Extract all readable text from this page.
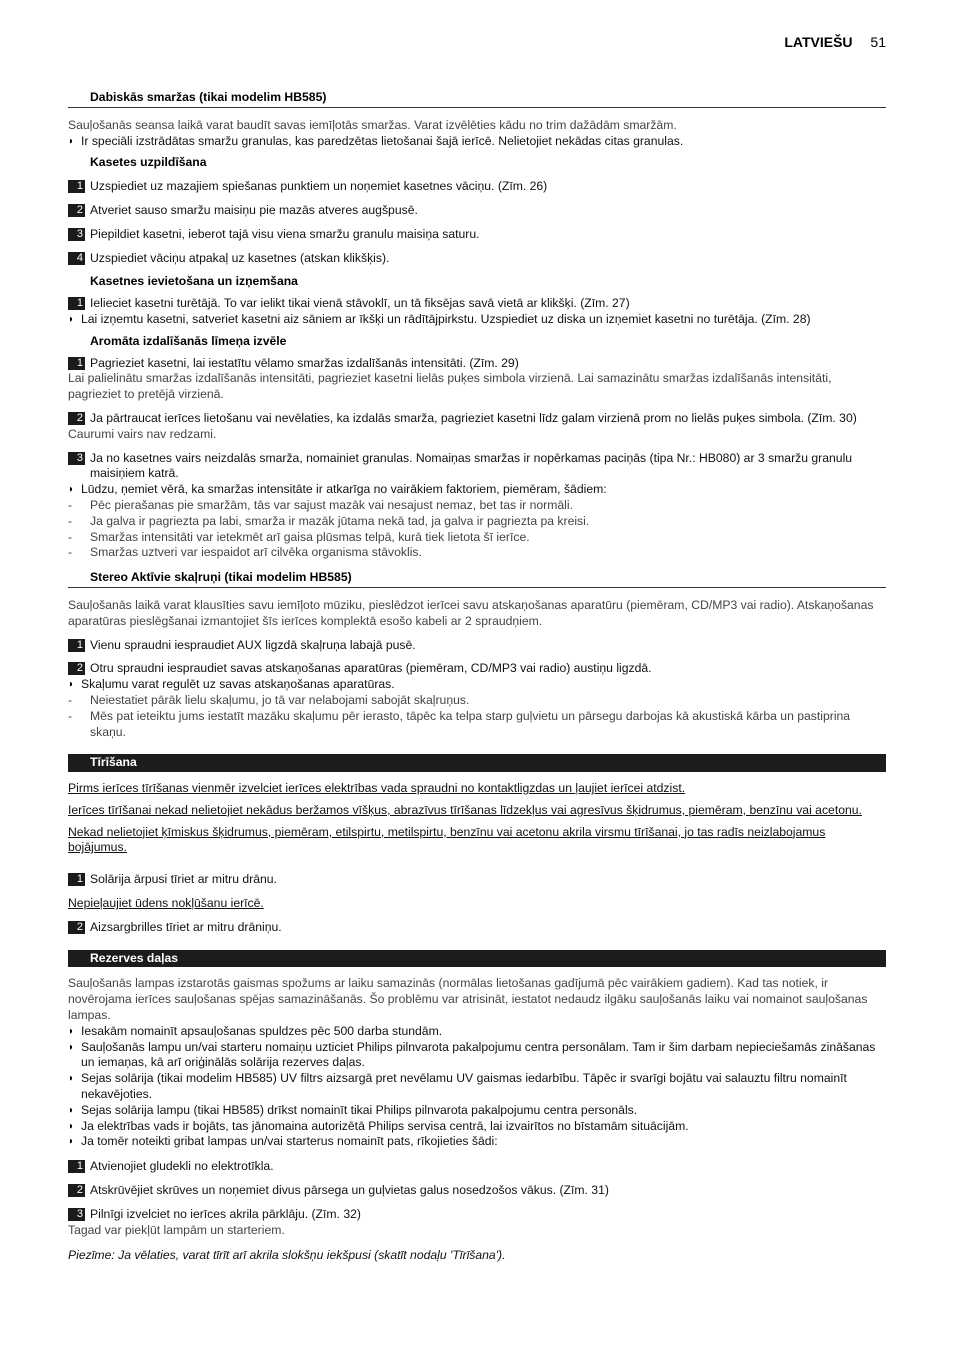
LATVIEŠU 51
Dabiskās smaržas (tikai modelim HB585)

Sauļošanās seansa laikā varat baudīt savas iemīļotās smaržas. Varat izvēlēties kādu no trim dažādām smaržām.

◗ Ir speciāli izstrādātas smaržu granulas, kas paredzētas lietošanai šajā ierīcē. Nelietojiet nekādas citas granulas.
Kasetes uzpildīšana
1 Uzspiediet uz mazajiem spiešanas punktiem un noņemiet kasetnes vāciņu. (Zīm. 26)
2 Atveriet sauso smaržu maisiņu pie mazās atveres augšpusē.
3 Piepildiet kasetni, ieberot tajā visu viena smaržu granulu maisiņa saturu.
4 Uzspiediet vāciņu atpakaļ uz kasetnes (atskan klikšķis).
Kasetnes ievietošana un izņemšana
1 Ielieciet kasetni turētājā. To var ielikt tikai vienā stāvoklī, un tā fiksējas savā vietā ar klikšķi. (Zīm. 27)
◗ Lai izņemtu kasetni, satveriet kasetni aiz sāniem ar īkšķi un rādītājpirkstu. Uzspiediet uz diska un izņemiet kasetni no turētāja. (Zīm. 28)
Aromāta izdalīšanās līmeņa izvēle
1 Pagrieziet kasetni, lai iestatītu vēlamo smaržas izdalīšanās intensitāti. (Zīm. 29)

Lai palielinātu smaržas izdalīšanās intensitāti, pagrieziet kasetni lielās puķes simbola virzienā. Lai samazinātu smaržas izdalīšanās intensitāti, pagrieziet to pretējā virzienā.

2 Ja pārtraucat ierīces lietošanu vai nevēlaties, ka izdalās smarža, pagrieziet kasetni līdz galam virzienā prom no lielās puķes simbola. (Zīm. 30)

Caurumi vairs nav redzami.

3 Ja no kasetnes vairs neizdalās smarža, nomainiet granulas. Nomaiņas smaržas ir nopērkamas paciņās (tipa Nr.: HB080) ar 3 smaržu granulu maisiņiem katrā.
◗ Lūdzu, ņemiet vērā, ka smaržas intensitāte ir atkarīga no vairākiem faktoriem, piemēram, šādiem:
- Pēc pierašanas pie smaržām, tās var sajust mazāk vai nesajust nemaz, bet tas ir normāli.
- Ja galva ir pagriezta pa labi, smarža ir mazāk jūtama nekā tad, ja galva ir pagriezta pa kreisi.
- Smaržas intensitāti var ietekmēt arī gaisa plūsmas telpā, kurā tiek lietota šī ierīce.
- Smaržas uztveri var iespaidot arī cilvēka organisma stāvoklis.
Stereo Aktīvie skaļruņi (tikai modelim HB585)

Sauļošanās laikā varat klausīties savu iemīļoto mūziku, pieslēdzot ierīcei savu atskaņošanas aparatūru (piemēram, CD/MP3 vai radio). Atskaņošanas aparatūras pieslēgšanai izmantojiet šīs ierīces komplektā esošo kabeli ar 2 spraudņiem.

1 Vienu spraudni iespraudiet AUX ligzdā skaļruņa labajā pusē.
2 Otru spraudni iespraudiet savas atskaņošanas aparatūras (piemēram, CD/MP3 vai radio) austiņu ligzdā.
◗ Skaļumu varat regulēt uz savas atskaņošanas aparatūras.
- Neiestatiet pārāk lielu skaļumu, jo tā var nelabojami sabojāt skaļruņus.
- Mēs pat ieteiktu jums iestatīt mazāku skaļumu pēr ierasto, tāpēc ka telpa starp guļvietu un pārsegu darbojas kā akustiskā kārba un pastiprina skaņu.
Tīrīšana

Pirms ierīces tīrīšanas vienmēr izvelciet ierīces elektrības vada spraudni no kontaktligzdas un ļaujiet ierīcei atdzist.

Ierīces tīrīšanai nekad nelietojiet nekādus beržamos vīšķus, abrazīvus tīrīšanas līdzekļus vai agresīvus šķidrumus, piemēram, benzīnu vai acetonu.

Nekad nelietojiet ķīmiskus šķidrumus, piemēram, etilspirtu, metilspirtu, benzīnu vai acetonu akrila virsmu tīrīšanai, jo tas radīs neizlabojamus bojājumus.

1 Solārija ārpusi tīriet ar mitru drānu.

Nepieļaujiet ūdens nokļūšanu ierīcē.

2 Aizsargbrilles tīriet ar mitru drāniņu.
Rezerves daļas

Sauļošanās lampas izstarotās gaismas spožums ar laiku samazinās (normālas lietošanas gadījumā pēc vairākiem gadiem). Kad tas notiek, ir novērojama ierīces sauļošanas spējas samazināšanās. Šo problēmu var atrisināt, iestatot nedaudz ilgāku sauļošanās laiku vai nomainot sauļošanas lampas.

◗ Iesakām nomainīt apsauļošanas spuldzes pēc 500 darba stundām.
◗ Sauļošanās lampu un/vai starteru nomaiņu uzticiet Philips pilnvarota pakalpojumu centra personālam. Tam ir šim darbam nepieciešamās zināšanas un iemaņas, kā arī oriģinālās solārija rezerves daļas.
◗ Sejas solārija (tikai modelim HB585) UV filtrs aizsargā pret nevēlamu UV gaismas iedarbību. Tāpēc ir svarīgi bojātu vai salauztu filtru nomainīt nekavējoties.
◗ Sejas solārija lampu (tikai HB585) drīkst nomainīt tikai Philips pilnvarota pakalpojumu centra personāls.
◗ Ja elektrības vads ir bojāts, tas jānomaina autorizētā Philips servisa centrā, lai izvairītos no bīstamām situācijām.
◗ Ja tomēr noteikti gribat lampas un/vai starterus nomainīt pats, rīkojieties šādi:
1 Atvienojiet gludekli no elektrotīkla.
2 Atskrūvējiet skrūves un noņemiet divus pārsega un guļvietas galus nosedzošos vākus. (Zīm. 31)
3 Pilnīgi izvelciet no ierīces akrila pārklāju. (Zīm. 32)

Tagad var piekļūt lampām un starteriem.

Piezīme: Ja vēlaties, varat tīrīt arī akrila slokšņu iekšpusi (skatīt nodaļu 'Tīrīšana').
